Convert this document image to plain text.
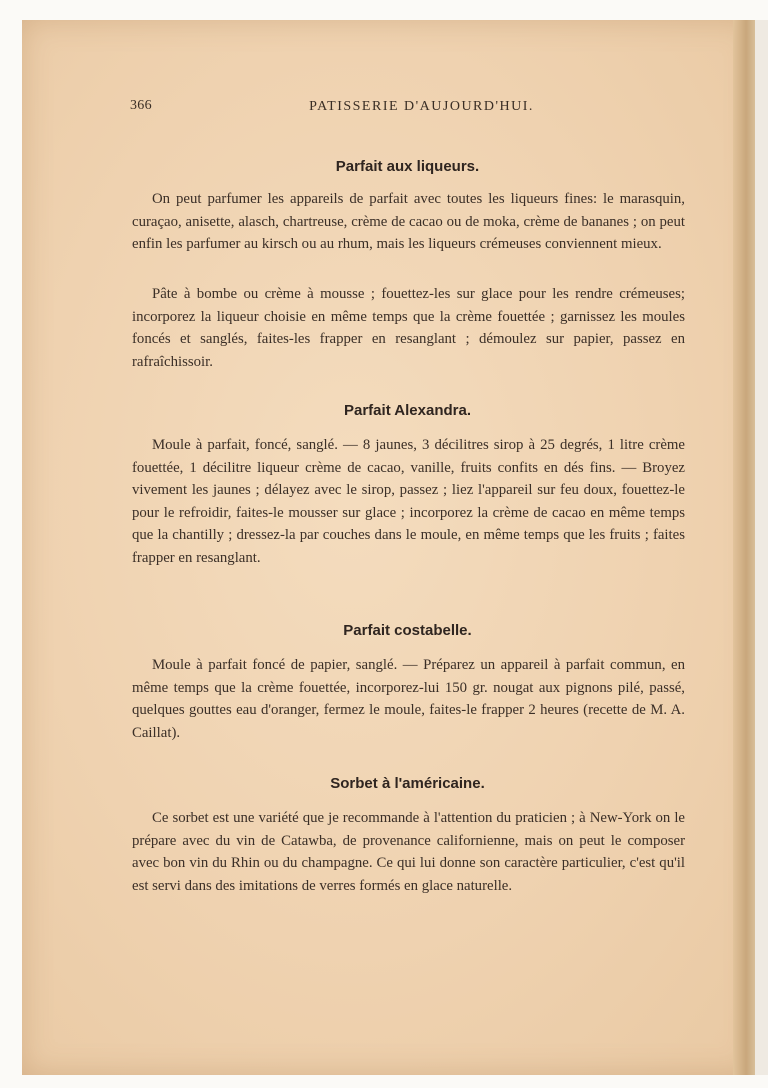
366	PATISSERIE D'AUJOURD'HUI.
Parfait aux liqueurs.

On peut parfumer les appareils de parfait avec toutes les liqueurs fines: le marasquin, curaçao, anisette, alasch, chartreuse, crème de cacao ou de moka, crème de bananes ; on peut enfin les parfumer au kirsch ou au rhum, mais les liqueurs crémeuses conviennent mieux.

Pâte à bombe ou crème à mousse ; fouettez-les sur glace pour les rendre crémeuses; incorporez la liqueur choisie en même temps que la crème fouettée ; garnissez les moules foncés et sanglés, faites-les frapper en resanglant ; démoulez sur papier, passez en rafraîchissoir.

Parfait Alexandra.

Moule à parfait, foncé, sanglé. — 8 jaunes, 3 décilitres sirop à 25 degrés, 1 litre crème fouettée, 1 décilitre liqueur crème de cacao, vanille, fruits confits en dés fins. — Broyez vivement les jaunes ; délayez avec le sirop, passez ; liez l'appareil sur feu doux, fouettez-le pour le refroidir, faites-le mousser sur glace ; incorporez la crème de cacao en même temps que la chantilly ; dressez-la par couches dans le moule, en même temps que les fruits ; faites frapper en resanglant.

Parfait costabelle.

Moule à parfait foncé de papier, sanglé. — Préparez un appareil à parfait commun, en même temps que la crème fouettée, incorporez-lui 150 gr. nougat aux pignons pilé, passé, quelques gouttes eau d'oranger, fermez le moule, faites-le frapper 2 heures (recette de M. A. Caillat).

Sorbet à l'américaine.

Ce sorbet est une variété que je recommande à l'attention du praticien ; à New-York on le prépare avec du vin de Catawba, de provenance californienne, mais on peut le composer avec bon vin du Rhin ou du champagne. Ce qui lui donne son caractère particulier, c'est qu'il est servi dans des imitations de verres formés en glace naturelle.
